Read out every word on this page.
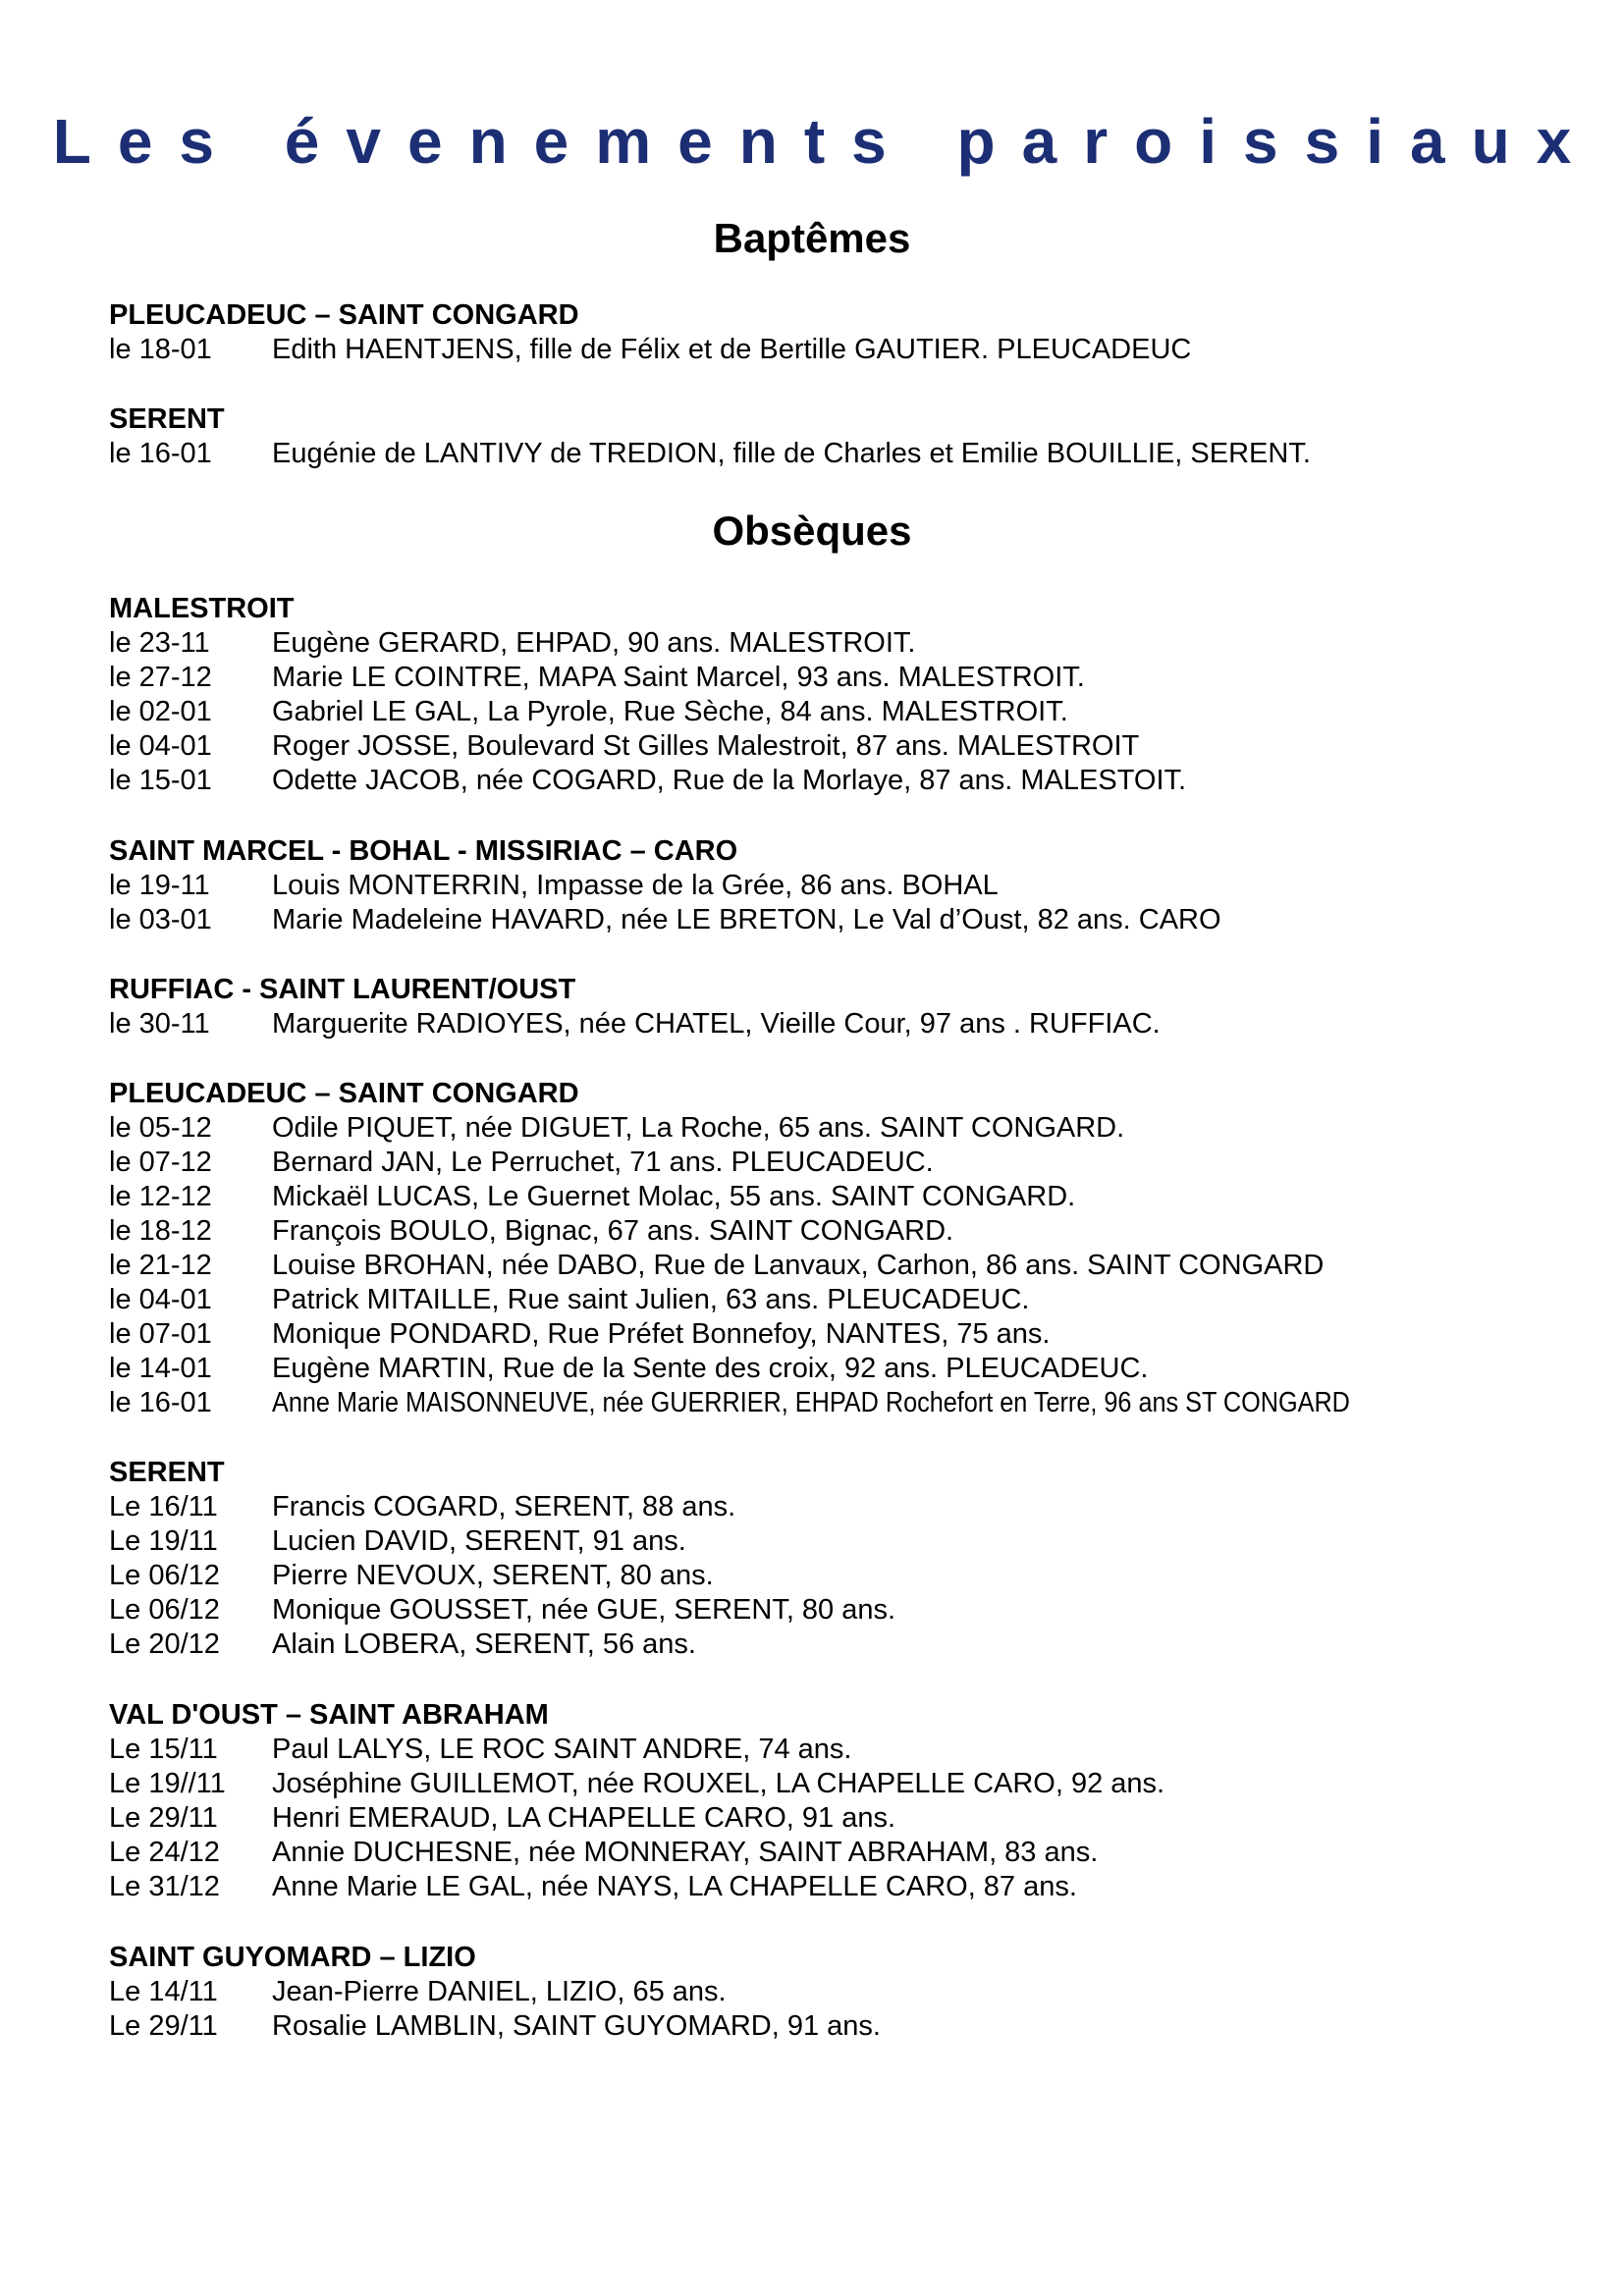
Les évenements paroissiaux
Baptêmes
PLEUCADEUC – SAINT CONGARD
le 18-01	Edith HAENTJENS, fille de Félix et de Bertille GAUTIER. PLEUCADEUC
SERENT
le 16-01	Eugénie de LANTIVY de TREDION, fille de Charles et Emilie BOUILLIE, SERENT.
Obsèques
MALESTROIT
le 23-11	Eugène GERARD, EHPAD, 90 ans. MALESTROIT.
le 27-12	Marie LE COINTRE, MAPA Saint Marcel, 93 ans. MALESTROIT.
le 02-01	Gabriel LE GAL, La Pyrole, Rue Sèche, 84 ans. MALESTROIT.
le 04-01	Roger JOSSE, Boulevard St Gilles Malestroit, 87 ans. MALESTROIT
le 15-01	Odette JACOB, née COGARD, Rue de la Morlaye, 87 ans. MALESTOIT.
SAINT MARCEL - BOHAL - MISSIRIAC – CARO
le 19-11	Louis MONTERRIN, Impasse de la Grée, 86 ans. BOHAL
le 03-01	Marie Madeleine HAVARD, née LE BRETON, Le Val d’Oust, 82 ans. CARO
RUFFIAC - SAINT LAURENT/OUST
le 30-11	Marguerite RADIOYES, née CHATEL, Vieille Cour, 97 ans . RUFFIAC.
PLEUCADEUC – SAINT CONGARD
le 05-12	Odile PIQUET, née DIGUET, La Roche, 65 ans. SAINT CONGARD.
le 07-12	Bernard JAN, Le Perruchet, 71 ans. PLEUCADEUC.
le 12-12	Mickaël LUCAS, Le Guernet Molac, 55 ans. SAINT CONGARD.
le 18-12	François BOULO, Bignac, 67 ans. SAINT CONGARD.
le 21-12	Louise BROHAN, née DABO, Rue de Lanvaux, Carhon, 86 ans. SAINT CONGARD
le 04-01	Patrick MITAILLE, Rue saint Julien, 63 ans. PLEUCADEUC.
le 07-01	Monique PONDARD, Rue Préfet Bonnefoy, NANTES, 75 ans.
le 14-01	Eugène MARTIN, Rue de la Sente des croix, 92 ans. PLEUCADEUC.
le 16-01	Anne Marie MAISONNEUVE, née GUERRIER, EHPAD Rochefort en Terre, 96 ans ST CONGARD
SERENT
Le 16/11	Francis COGARD, SERENT, 88 ans.
Le 19/11	Lucien DAVID, SERENT, 91 ans.
Le 06/12	Pierre NEVOUX, SERENT, 80 ans.
Le 06/12	Monique GOUSSET, née GUE, SERENT, 80 ans.
Le 20/12	Alain LOBERA, SERENT, 56 ans.
VAL D'OUST – SAINT ABRAHAM
Le 15/11	Paul LALYS, LE ROC SAINT ANDRE, 74 ans.
Le 19//11	Joséphine GUILLEMOT, née ROUXEL, LA CHAPELLE CARO, 92 ans.
Le 29/11	Henri EMERAUD, LA CHAPELLE CARO, 91 ans.
Le 24/12	Annie DUCHESNE, née MONNERAY, SAINT ABRAHAM, 83 ans.
Le 31/12	Anne Marie LE GAL, née NAYS, LA CHAPELLE CARO, 87 ans.
SAINT GUYOMARD – LIZIO
Le 14/11	Jean-Pierre DANIEL, LIZIO, 65 ans.
Le 29/11	Rosalie LAMBLIN, SAINT GUYOMARD, 91 ans.
